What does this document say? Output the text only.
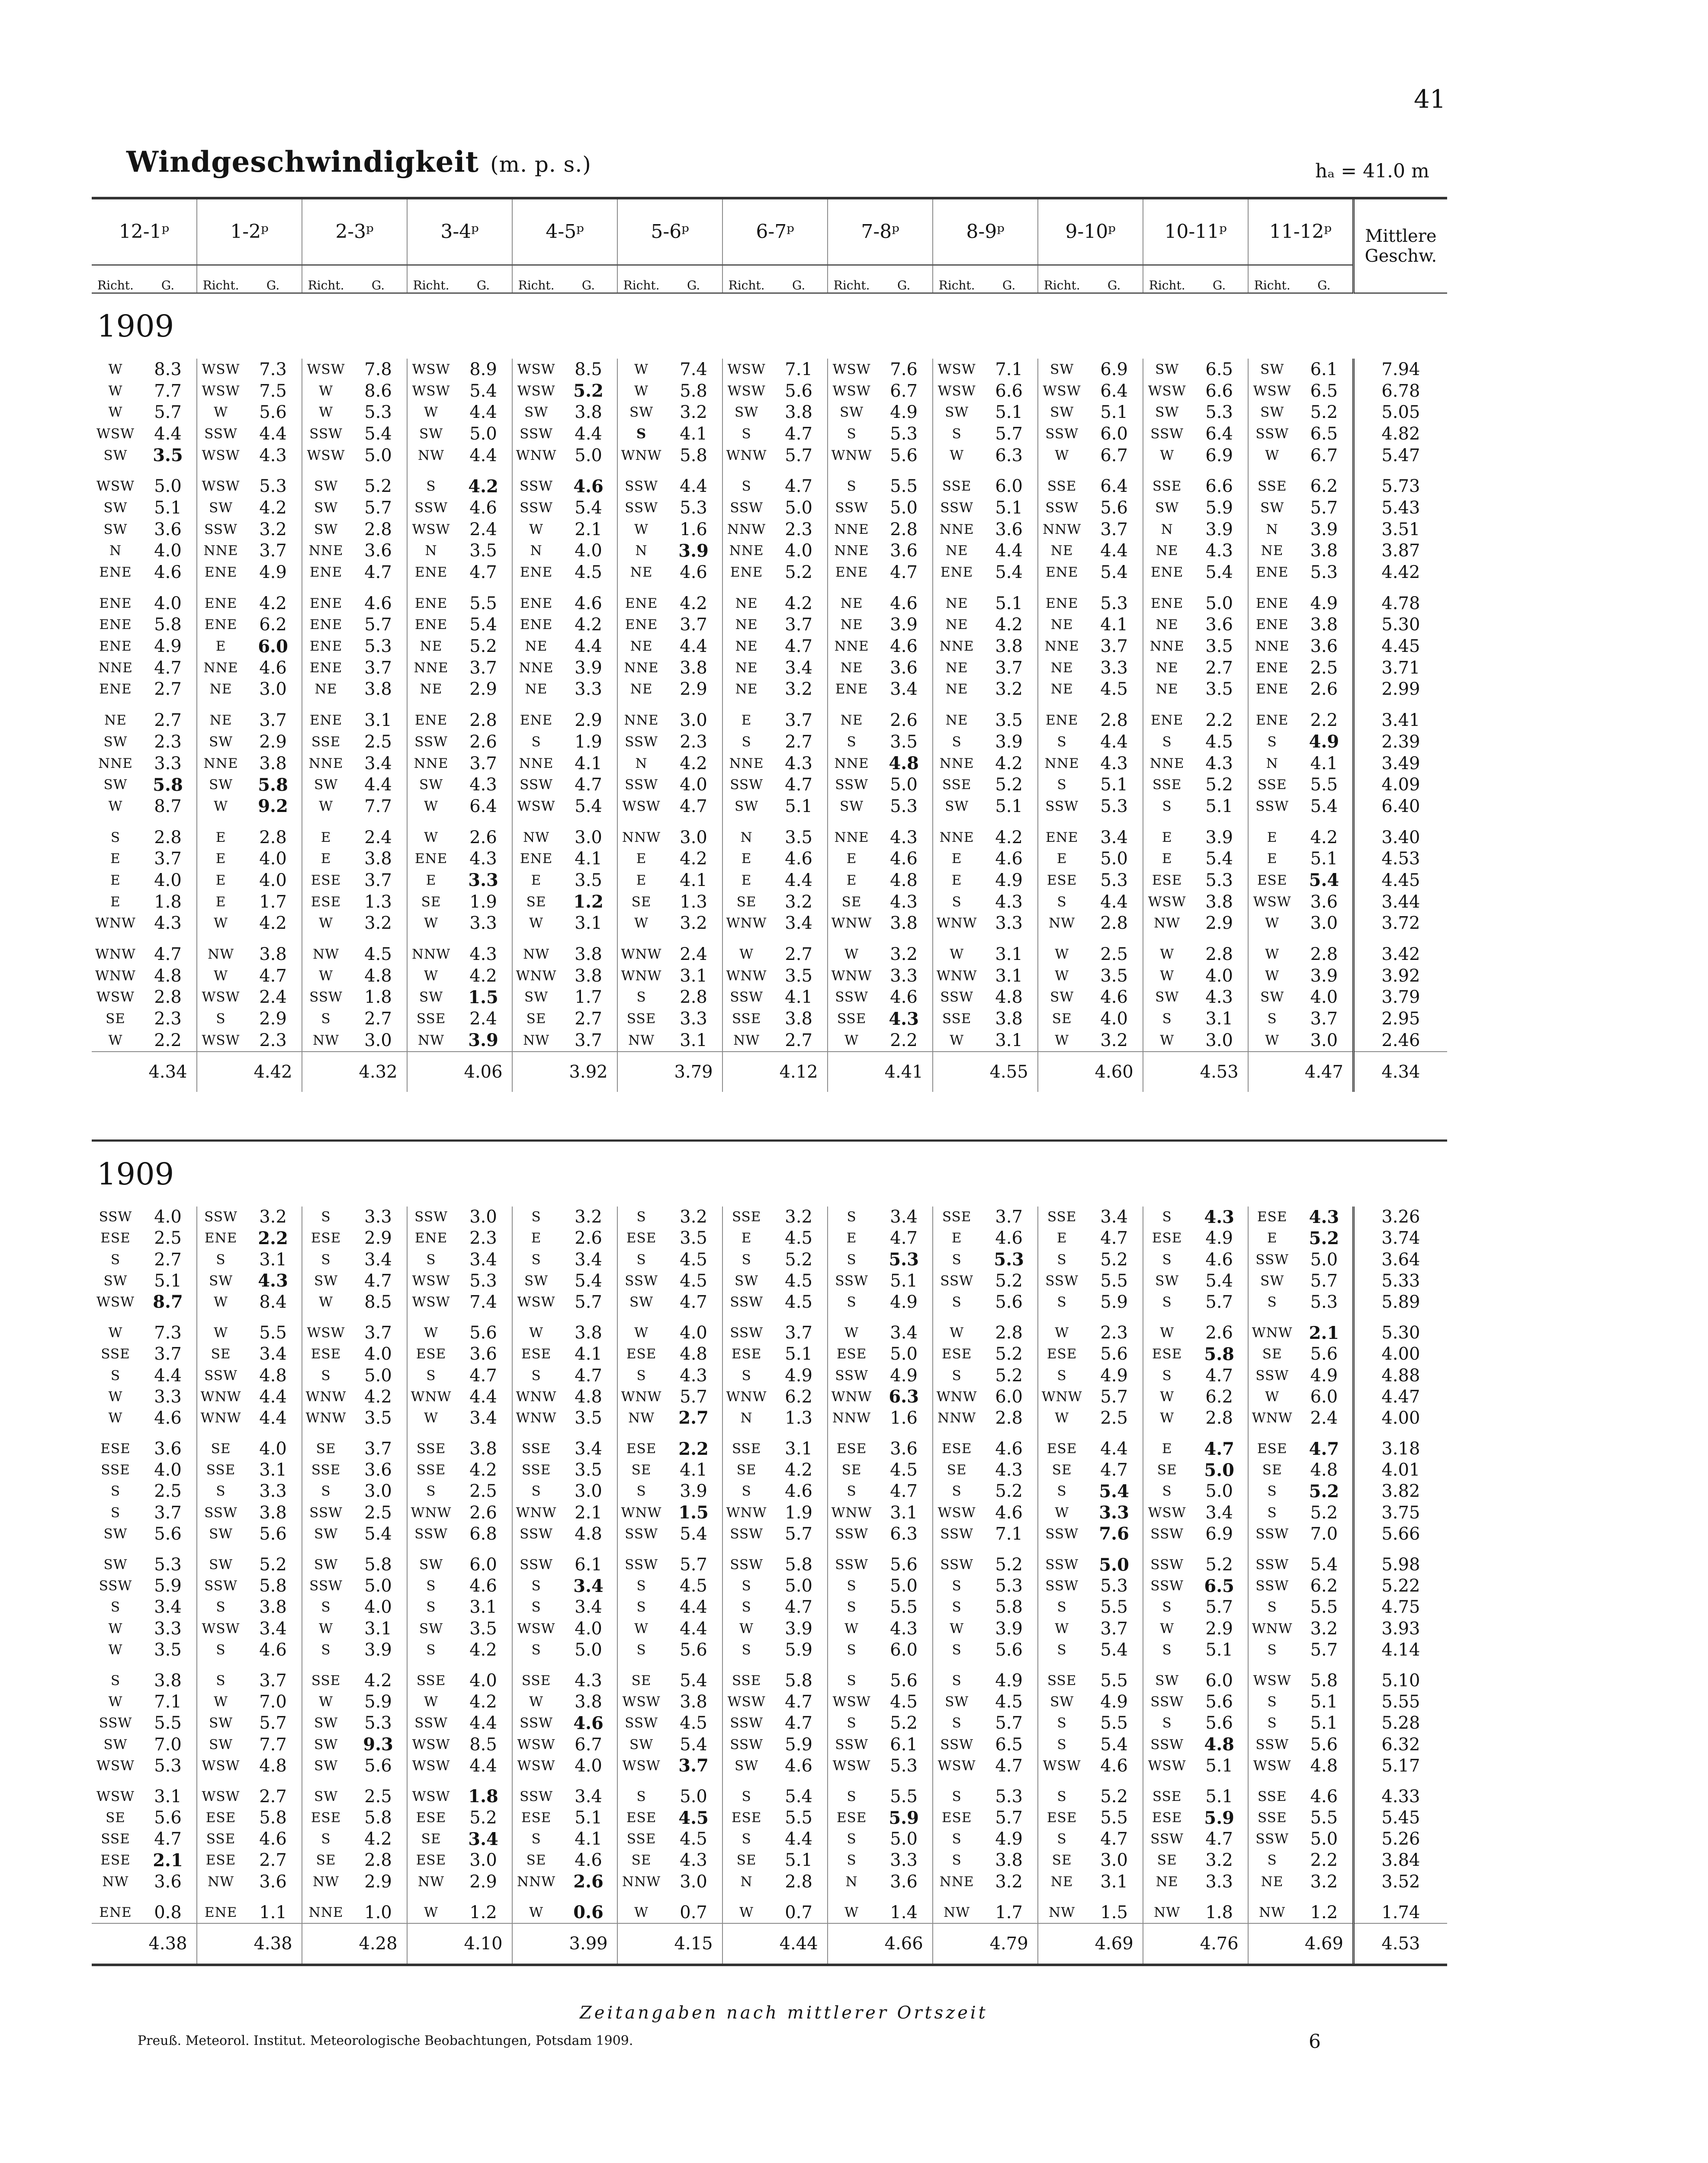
41
Windgeschwindigkeit (m. p. s.)	hₐ = 41.0 m
12-1ᵖ		1-2ᵖ		2-3ᵖ		3-4ᵖ		4-5ᵖ		5-6ᵖ		6-7ᵖ		7-8ᵖ		8-9ᵖ		9-10ᵖ		10-11ᵖ		11-12ᵖ		Mittlere Geschw.
Richt.	G.	Richt.	G.	Richt.	G.	Richt.	G.	Richt.	G.	Richt.	G.	Richt.	G.	Richt.	G.	Richt.	G.	Richt.	G.	Richt.	G.	Richt.	G.	
1909																								
W	8.3	WSW	7.3	WSW	7.8	WSW	8.9	WSW	8.5	W	7.4	WSW	7.1	WSW	7.6	WSW	7.1	SW	6.9	SW	6.5	SW	6.1	7.94
W	7.7	WSW	7.5	W	8.6	WSW	5.4	WSW	5.2	W	5.8	WSW	5.6	WSW	6.7	WSW	6.6	WSW	6.4	WSW	6.6	WSW	6.5	6.78
W	5.7	W	5.6	W	5.3	W	4.4	SW	3.8	SW	3.2	SW	3.8	SW	4.9	SW	5.1	SW	5.1	SW	5.3	SW	5.2	5.05
WSW	4.4	SSW	4.4	SSW	5.4	SW	5.0	SSW	4.4	S	4.1	S	4.7	S	5.3	S	5.7	SSW	6.0	SSW	6.4	SSW	6.5	4.82
SW	3.5	WSW	4.3	WSW	5.0	NW	4.4	WNW	5.0	WNW	5.8	WNW	5.7	WNW	5.6	W	6.3	W	6.7	W	6.9	W	6.7	5.47

WSW	5.0	WSW	5.3	SW	5.2	S	4.2	SSW	4.6	SSW	4.4	S	4.7	S	5.5	SSE	6.0	SSE	6.4	SSE	6.6	SSE	6.2	5.73
SW	5.1	SW	4.2	SW	5.7	SSW	4.6	SSW	5.4	SSW	5.3	SSW	5.0	SSW	5.0	SSW	5.1	SSW	5.6	SW	5.9	SW	5.7	5.43
SW	3.6	SSW	3.2	SW	2.8	WSW	2.4	W	2.1	W	1.6	NNW	2.3	NNE	2.8	NNE	3.6	NNW	3.7	N	3.9	N	3.9	3.51
N	4.0	NNE	3.7	NNE	3.6	N	3.5	N	4.0	N	3.9	NNE	4.0	NNE	3.6	NE	4.4	NE	4.4	NE	4.3	NE	3.8	3.87
ENE	4.6	ENE	4.9	ENE	4.7	ENE	4.7	ENE	4.5	NE	4.6	ENE	5.2	ENE	4.7	ENE	5.4	ENE	5.4	ENE	5.4	ENE	5.3	4.42

ENE	4.0	ENE	4.2	ENE	4.6	ENE	5.5	ENE	4.6	ENE	4.2	NE	4.2	NE	4.6	NE	5.1	ENE	5.3	ENE	5.0	ENE	4.9	4.78
ENE	5.8	ENE	6.2	ENE	5.7	ENE	5.4	ENE	4.2	ENE	3.7	NE	3.7	NE	3.9	NE	4.2	NE	4.1	NE	3.6	ENE	3.8	5.30
ENE	4.9	E	6.0	ENE	5.3	NE	5.2	NE	4.4	NE	4.4	NE	4.7	NNE	4.6	NNE	3.8	NNE	3.7	NNE	3.5	NNE	3.6	4.45
NNE	4.7	NNE	4.6	ENE	3.7	NNE	3.7	NNE	3.9	NNE	3.8	NE	3.4	NE	3.6	NE	3.7	NE	3.3	NE	2.7	ENE	2.5	3.71
ENE	2.7	NE	3.0	NE	3.8	NE	2.9	NE	3.3	NE	2.9	NE	3.2	ENE	3.4	NE	3.2	NE	4.5	NE	3.5	ENE	2.6	2.99

NE	2.7	NE	3.7	ENE	3.1	ENE	2.8	ENE	2.9	NNE	3.0	E	3.7	NE	2.6	NE	3.5	ENE	2.8	ENE	2.2	ENE	2.2	3.41
SW	2.3	SW	2.9	SSE	2.5	SSW	2.6	S	1.9	SSW	2.3	S	2.7	S	3.5	S	3.9	S	4.4	S	4.5	S	4.9	2.39
NNE	3.3	NNE	3.8	NNE	3.4	NNE	3.7	NNE	4.1	N	4.2	NNE	4.3	NNE	4.8	NNE	4.2	NNE	4.3	NNE	4.3	N	4.1	3.49
SW	5.8	SW	5.8	SW	4.4	SW	4.3	SSW	4.7	SSW	4.0	SSW	4.7	SSW	5.0	SSE	5.2	S	5.1	SSE	5.2	SSE	5.5	4.09
W	8.7	W	9.2	W	7.7	W	6.4	WSW	5.4	WSW	4.7	SW	5.1	SW	5.3	SW	5.1	SSW	5.3	S	5.1	SSW	5.4	6.40

S	2.8	E	2.8	E	2.4	W	2.6	NW	3.0	NNW	3.0	N	3.5	NNE	4.3	NNE	4.2	ENE	3.4	E	3.9	E	4.2	3.40
E	3.7	E	4.0	E	3.8	ENE	4.3	ENE	4.1	E	4.2	E	4.6	E	4.6	E	4.6	E	5.0	E	5.4	E	5.1	4.53
E	4.0	E	4.0	ESE	3.7	E	3.3	E	3.5	E	4.1	E	4.4	E	4.8	E	4.9	ESE	5.3	ESE	5.3	ESE	5.4	4.45
E	1.8	E	1.7	ESE	1.3	SE	1.9	SE	1.2	SE	1.3	SE	3.2	SE	4.3	S	4.3	S	4.4	WSW	3.8	WSW	3.6	3.44
WNW	4.3	W	4.2	W	3.2	W	3.3	W	3.1	W	3.2	WNW	3.4	WNW	3.8	WNW	3.3	NW	2.8	NW	2.9	W	3.0	3.72

WNW	4.7	NW	3.8	NW	4.5	NNW	4.3	NW	3.8	WNW	2.4	W	2.7	W	3.2	W	3.1	W	2.5	W	2.8	W	2.8	3.42
WNW	4.8	W	4.7	W	4.8	W	4.2	WNW	3.8	WNW	3.1	WNW	3.5	WNW	3.3	WNW	3.1	W	3.5	W	4.0	W	3.9	3.92
WSW	2.8	WSW	2.4	SSW	1.8	SW	1.5	SW	1.7	S	2.8	SSW	4.1	SSW	4.6	SSW	4.8	SW	4.6	SW	4.3	SW	4.0	3.79
SE	2.3	S	2.9	S	2.7	SSE	2.4	SE	2.7	SSE	3.3	SSE	3.8	SSE	4.3	SSE	3.8	SE	4.0	S	3.1	S	3.7	2.95
W	2.2	WSW	2.3	NW	3.0	NW	3.9	NW	3.7	NW	3.1	NW	2.7	W	2.2	W	3.1	W	3.2	W	3.0	W	3.0	2.46
	4.34		4.42		4.32		4.06		3.92		3.79		4.12		4.41		4.55		4.60		4.53		4.47	4.34

1909																								
SSW	4.0	SSW	3.2	S	3.3	SSW	3.0	S	3.2	S	3.2	SSE	3.2	S	3.4	SSE	3.7	SSE	3.4	S	4.3	ESE	4.3	3.26
ESE	2.5	ENE	2.2	ESE	2.9	ENE	2.3	E	2.6	ESE	3.5	E	4.5	E	4.7	E	4.6	E	4.7	ESE	4.9	E	5.2	3.74
S	2.7	S	3.1	S	3.4	S	3.4	S	3.4	S	4.5	S	5.2	S	5.3	S	5.3	S	5.2	S	4.6	SSW	5.0	3.64
SW	5.1	SW	4.3	SW	4.7	WSW	5.3	SW	5.4	SSW	4.5	SW	4.5	SSW	5.1	SSW	5.2	SSW	5.5	SW	5.4	SW	5.7	5.33
WSW	8.7	W	8.4	W	8.5	WSW	7.4	WSW	5.7	SW	4.7	SSW	4.5	S	4.9	S	5.6	S	5.9	S	5.7	S	5.3	5.89

W	7.3	W	5.5	WSW	3.7	W	5.6	W	3.8	W	4.0	SSW	3.7	W	3.4	W	2.8	W	2.3	W	2.6	WNW	2.1	5.30
SSE	3.7	SE	3.4	ESE	4.0	ESE	3.6	ESE	4.1	ESE	4.8	ESE	5.1	ESE	5.0	ESE	5.2	ESE	5.6	ESE	5.8	SE	5.6	4.00
S	4.4	SSW	4.8	S	5.0	S	4.7	S	4.7	S	4.3	S	4.9	SSW	4.9	S	5.2	S	4.9	S	4.7	SSW	4.9	4.88
W	3.3	WNW	4.4	WNW	4.2	WNW	4.4	WNW	4.8	WNW	5.7	WNW	6.2	WNW	6.3	WNW	6.0	WNW	5.7	W	6.2	W	6.0	4.47
W	4.6	WNW	4.4	WNW	3.5	W	3.4	WNW	3.5	NW	2.7	N	1.3	NNW	1.6	NNW	2.8	W	2.5	W	2.8	WNW	2.4	4.00

ESE	3.6	SE	4.0	SE	3.7	SSE	3.8	SSE	3.4	ESE	2.2	SSE	3.1	ESE	3.6	ESE	4.6	ESE	4.4	E	4.7	ESE	4.7	3.18
SSE	4.0	SSE	3.1	SSE	3.6	SSE	4.2	SSE	3.5	SE	4.1	SE	4.2	SE	4.5	SE	4.3	SE	4.7	SE	5.0	SE	4.8	4.01
S	2.5	S	3.3	S	3.0	S	2.5	S	3.0	S	3.9	S	4.6	S	4.7	S	5.2	S	5.4	S	5.0	S	5.2	3.82
S	3.7	SSW	3.8	SSW	2.5	WNW	2.6	WNW	2.1	WNW	1.5	WNW	1.9	WNW	3.1	WSW	4.6	W	3.3	WSW	3.4	S	5.2	3.75
SW	5.6	SW	5.6	SW	5.4	SSW	6.8	SSW	4.8	SSW	5.4	SSW	5.7	SSW	6.3	SSW	7.1	SSW	7.6	SSW	6.9	SSW	7.0	5.66

SW	5.3	SW	5.2	SW	5.8	SW	6.0	SSW	6.1	SSW	5.7	SSW	5.8	SSW	5.6	SSW	5.2	SSW	5.0	SSW	5.2	SSW	5.4	5.98
SSW	5.9	SSW	5.8	SSW	5.0	S	4.6	S	3.4	S	4.5	S	5.0	S	5.0	S	5.3	SSW	5.3	SSW	6.5	SSW	6.2	5.22
S	3.4	S	3.8	S	4.0	S	3.1	S	3.4	S	4.4	S	4.7	S	5.5	S	5.8	S	5.5	S	5.7	S	5.5	4.75
W	3.3	WSW	3.4	W	3.1	SW	3.5	WSW	4.0	W	4.4	W	3.9	W	4.3	W	3.9	W	3.7	W	2.9	WNW	3.2	3.93
W	3.5	S	4.6	S	3.9	S	4.2	S	5.0	S	5.6	S	5.9	S	6.0	S	5.6	S	5.4	S	5.1	S	5.7	4.14

S	3.8	S	3.7	SSE	4.2	SSE	4.0	SSE	4.3	SE	5.4	SSE	5.8	S	5.6	S	4.9	SSE	5.5	SW	6.0	WSW	5.8	5.10
W	7.1	W	7.0	W	5.9	W	4.2	W	3.8	WSW	3.8	WSW	4.7	WSW	4.5	SW	4.5	SW	4.9	SSW	5.6	S	5.1	5.55
SSW	5.5	SW	5.7	SW	5.3	SSW	4.4	SSW	4.6	SSW	4.5	SSW	4.7	S	5.2	S	5.7	S	5.5	S	5.6	S	5.1	5.28
SW	7.0	SW	7.7	SW	9.3	WSW	8.5	WSW	6.7	SW	5.4	SSW	5.9	SSW	6.1	SSW	6.5	S	5.4	SSW	4.8	SSW	5.6	6.32
WSW	5.3	WSW	4.8	SW	5.6	WSW	4.4	WSW	4.0	WSW	3.7	SW	4.6	WSW	5.3	WSW	4.7	WSW	4.6	WSW	5.1	WSW	4.8	5.17

WSW	3.1	WSW	2.7	SW	2.5	WSW	1.8	SSW	3.4	S	5.0	S	5.4	S	5.5	S	5.3	S	5.2	SSE	5.1	SSE	4.6	4.33
SE	5.6	ESE	5.8	ESE	5.8	ESE	5.2	ESE	5.1	ESE	4.5	ESE	5.5	ESE	5.9	ESE	5.7	ESE	5.5	ESE	5.9	SSE	5.5	5.45
SSE	4.7	SSE	4.6	S	4.2	SE	3.4	S	4.1	SSE	4.5	S	4.4	S	5.0	S	4.9	S	4.7	SSW	4.7	SSW	5.0	5.26
ESE	2.1	ESE	2.7	SE	2.8	ESE	3.0	SE	4.6	SE	4.3	SE	5.1	S	3.3	S	3.8	SE	3.0	SE	3.2	S	2.2	3.84
NW	3.6	NW	3.6	NW	2.9	NW	2.9	NNW	2.6	NNW	3.0	N	2.8	N	3.6	NNE	3.2	NE	3.1	NE	3.3	NE	3.2	3.52

ENE	0.8	ENE	1.1	NNE	1.0	W	1.2	W	0.6	W	0.7	W	0.7	W	1.4	NW	1.7	NW	1.5	NW	1.8	NW	1.2	1.74
	4.38		4.38		4.28		4.10		3.99		4.15		4.44		4.66		4.79		4.69		4.76		4.69	4.53
Zeitangaben nach mittlerer Ortszeit
Preuß. Meteorol. Institut. Meteorologische Beobachtungen, Potsdam 1909.	6
